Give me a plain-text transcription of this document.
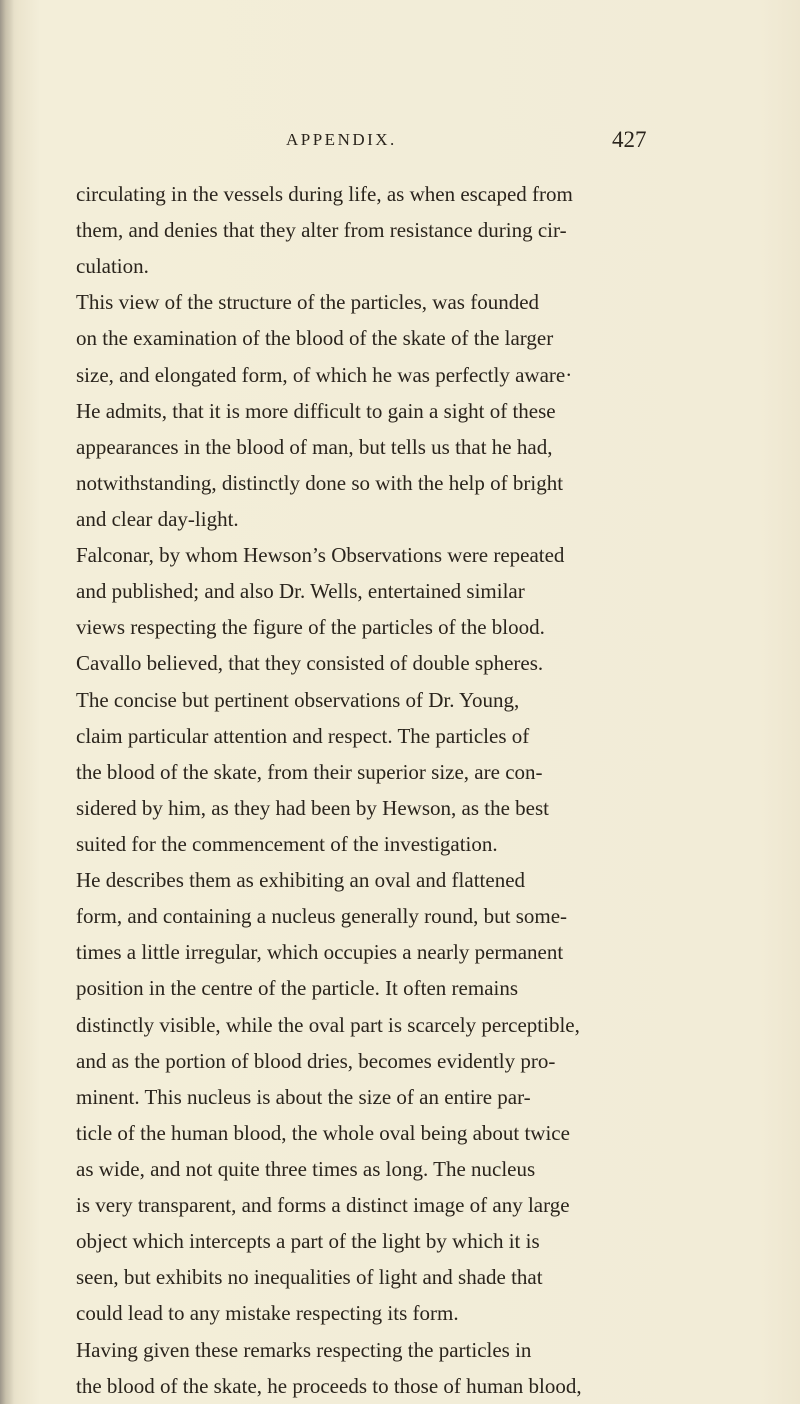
APPENDIX.	427
circulating in the vessels during life, as when escaped from
them, and denies that they alter from resistance during cir-
culation.
This view of the structure of the particles, was founded
on the examination of the blood of the skate of the larger
size, and elongated form, of which he was perfectly aware·
He admits, that it is more difficult to gain a sight of these
appearances in the blood of man, but tells us that he had,
notwithstanding, distinctly done so with the help of bright
and clear day-light.
Falconar, by whom Hewson’s Observations were repeated
and published; and also Dr. Wells, entertained similar
views respecting the figure of the particles of the blood.
Cavallo believed, that they consisted of double spheres.
The concise but pertinent observations of Dr. Young,
claim particular attention and respect. The particles of
the blood of the skate, from their superior size, are con-
sidered by him, as they had been by Hewson, as the best
suited for the commencement of the investigation.
He describes them as exhibiting an oval and flattened
form, and containing a nucleus generally round, but some-
times a little irregular, which occupies a nearly permanent
position in the centre of the particle. It often remains
distinctly visible, while the oval part is scarcely perceptible,
and as the portion of blood dries, becomes evidently pro-
minent. This nucleus is about the size of an entire par-
ticle of the human blood, the whole oval being about twice
as wide, and not quite three times as long. The nucleus
is very transparent, and forms a distinct image of any large
object which intercepts a part of the light by which it is
seen, but exhibits no inequalities of light and shade that
could lead to any mistake respecting its form.
Having given these remarks respecting the particles in
the blood of the skate, he proceeds to those of human blood,
